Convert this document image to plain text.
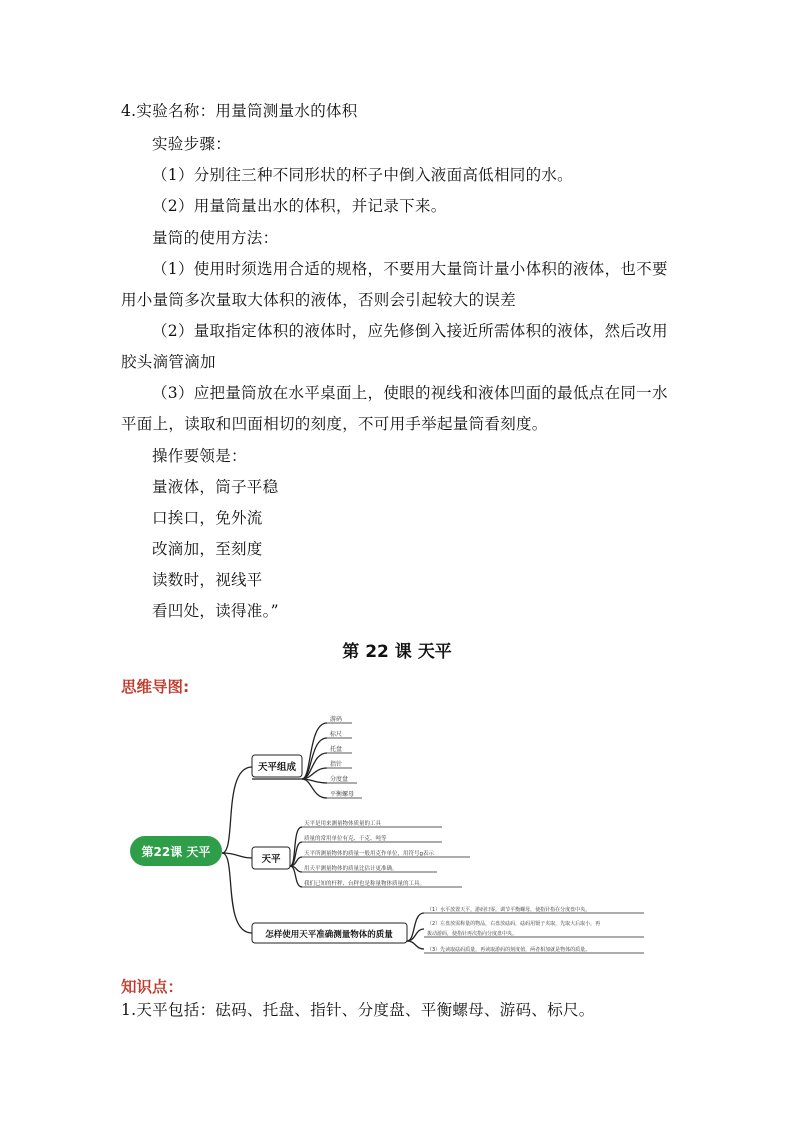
4.实验名称：用量筒测量水的体积
实验步骤：
（1）分别往三种不同形状的杯子中倒入液面高低相同的水。
（2）用量筒量出水的体积，并记录下来。
量筒的使用方法：
（1）使用时须选用合适的规格，不要用大量筒计量小体积的液体，也不要
用小量筒多次量取大体积的液体，否则会引起较大的误差
（2）量取指定体积的液体时，应先修倒入接近所需体积的液体，然后改用
胶头滴管滴加
（3）应把量筒放在水平桌面上，使眼的视线和液体凹面的最低点在同一水
平面上，读取和凹面相切的刻度，不可用手举起量筒看刻度。
操作要领是：
量液体，筒子平稳
口挨口，免外流
改滴加，至刻度
读数时，视线平
看凹处，读得准。”
第 22 课 天平
思维导图:
第22课 天平
天平组成
天平
怎样使用天平准确测量物体的质量
游码
标尺
托盘
指针
分度盘
平衡螺母
天平是用来测量物体质量的工具
质量的常用单位有克、千克、吨等
天平所测量物体的质量一般用克作单位，用符号g表示
用天平测量物体的质量比估计更准确。
我们已知的杆秤、台秤也是称量物体质量的工具。
（1）水平放置天平，游码归零，调节平衡螺母，使指针指在分度盘中央。
（2）左盘放需称量的物品，右盘放砝码，砝码用镊子夹取，先取大后取小，再
拨动游码，使指针再次指向分度盘中央。
（3）先读取砝码质量，再读取游码的刻度值，两者相加就是物体的质量。
知识点：
1.天平包括：砝码、托盘、指针、分度盘、平衡螺母、游码、标尺。
